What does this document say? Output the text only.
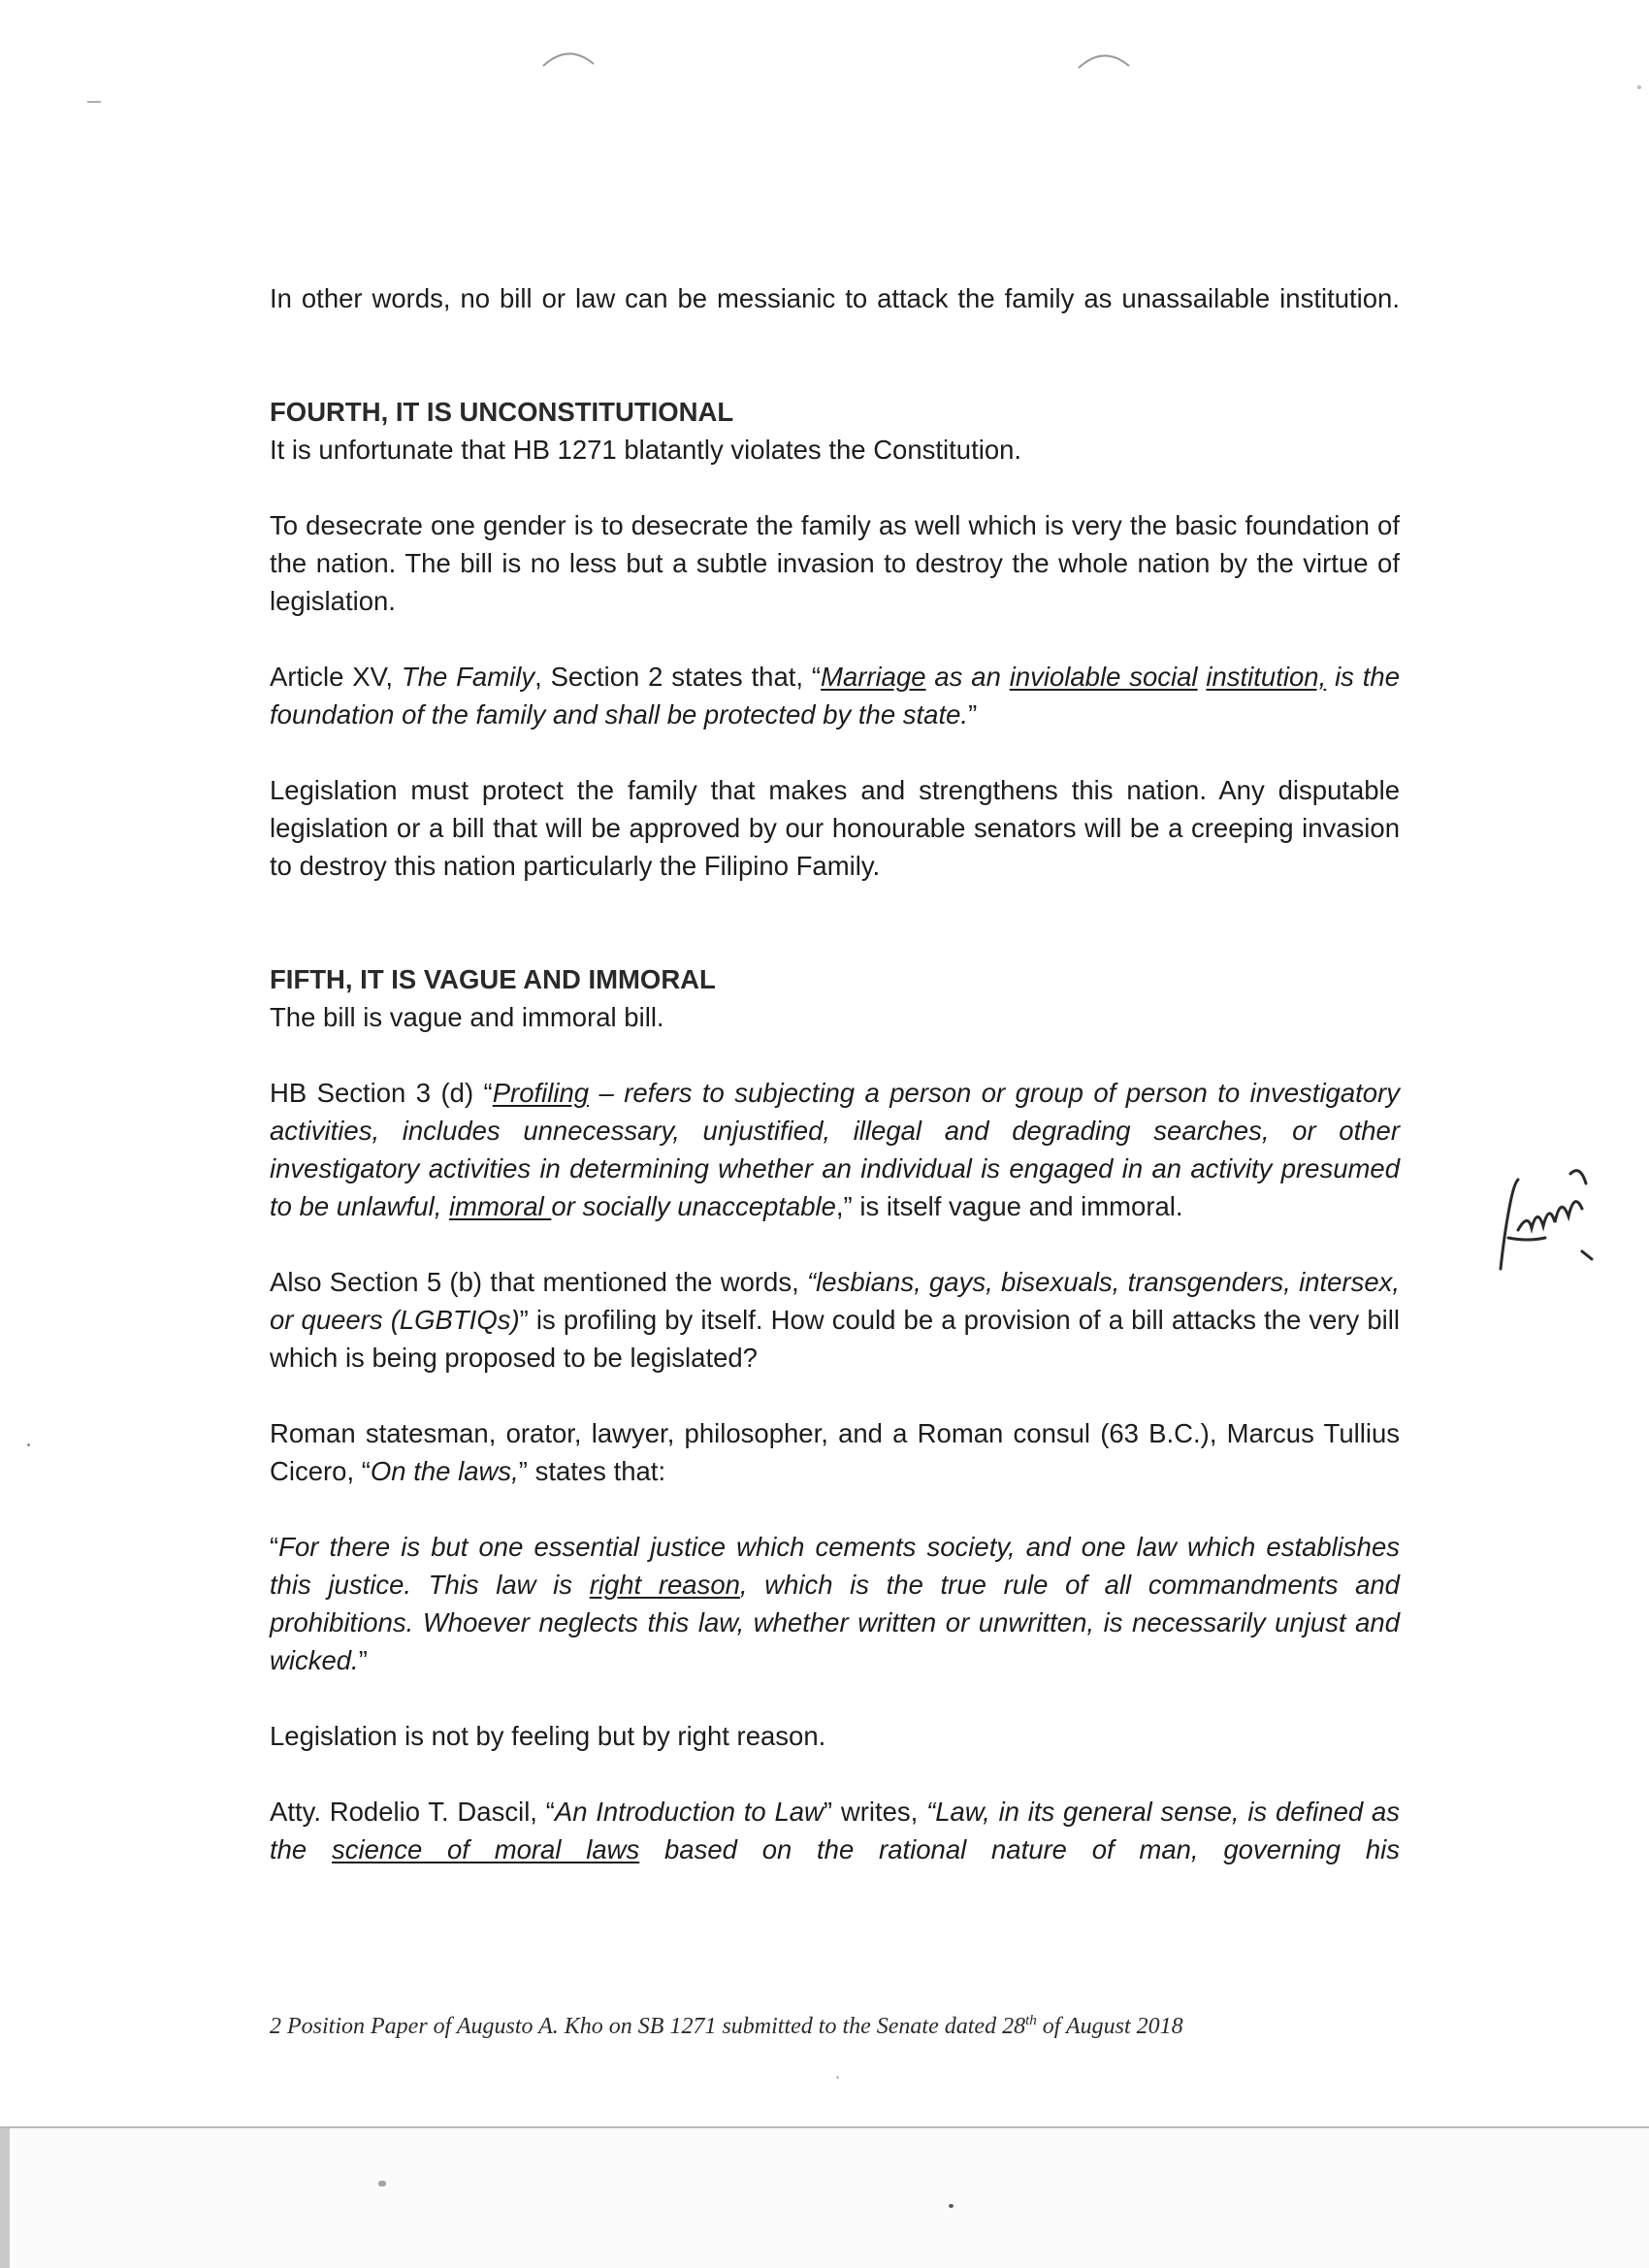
In other words, no bill or law can be messianic to attack the family as unassailable institution.

FOURTH, IT IS UNCONSTITUTIONAL

It is unfortunate that HB 1271 blatantly violates the Constitution.

To desecrate one gender is to desecrate the family as well which is very the basic foundation of the nation. The bill is no less but a subtle invasion to destroy the whole nation by the virtue of legislation.

Article XV, The Family, Section 2 states that, “Marriage as an inviolable social institution, is the foundation of the family and shall be protected by the state.”

Legislation must protect the family that makes and strengthens this nation. Any disputable legislation or a bill that will be approved by our honourable senators will be a creeping invasion to destroy this nation particularly the Filipino Family.

FIFTH, IT IS VAGUE AND IMMORAL

The bill is vague and immoral bill.

HB Section 3 (d) “Profiling – refers to subjecting a person or group of person to investigatory activities, includes unnecessary, unjustified, illegal and degrading searches, or other investigatory activities in determining whether an individual is engaged in an activity presumed to be unlawful, immoral or socially unacceptable,” is itself vague and immoral.

Also Section 5 (b) that mentioned the words, “lesbians, gays, bisexuals, transgenders, intersex, or queers (LGBTIQs)” is profiling by itself. How could be a provision of a bill attacks the very bill which is being proposed to be legislated?

Roman statesman, orator, lawyer, philosopher, and a Roman consul (63 B.C.), Marcus Tullius Cicero, “On the laws,” states that:

“For there is but one essential justice which cements society, and one law which establishes this justice. This law is right reason, which is the true rule of all commandments and prohibitions. Whoever neglects this law, whether written or unwritten, is necessarily unjust and wicked.”

Legislation is not by feeling but by right reason.

Atty. Rodelio T. Dascil, “An Introduction to Law” writes, “Law, in its general sense, is defined as the science of moral laws based on the rational nature of man, governing his

2 Position Paper of Augusto A. Kho on SB 1271 submitted to the Senate dated 28th of August 2018
